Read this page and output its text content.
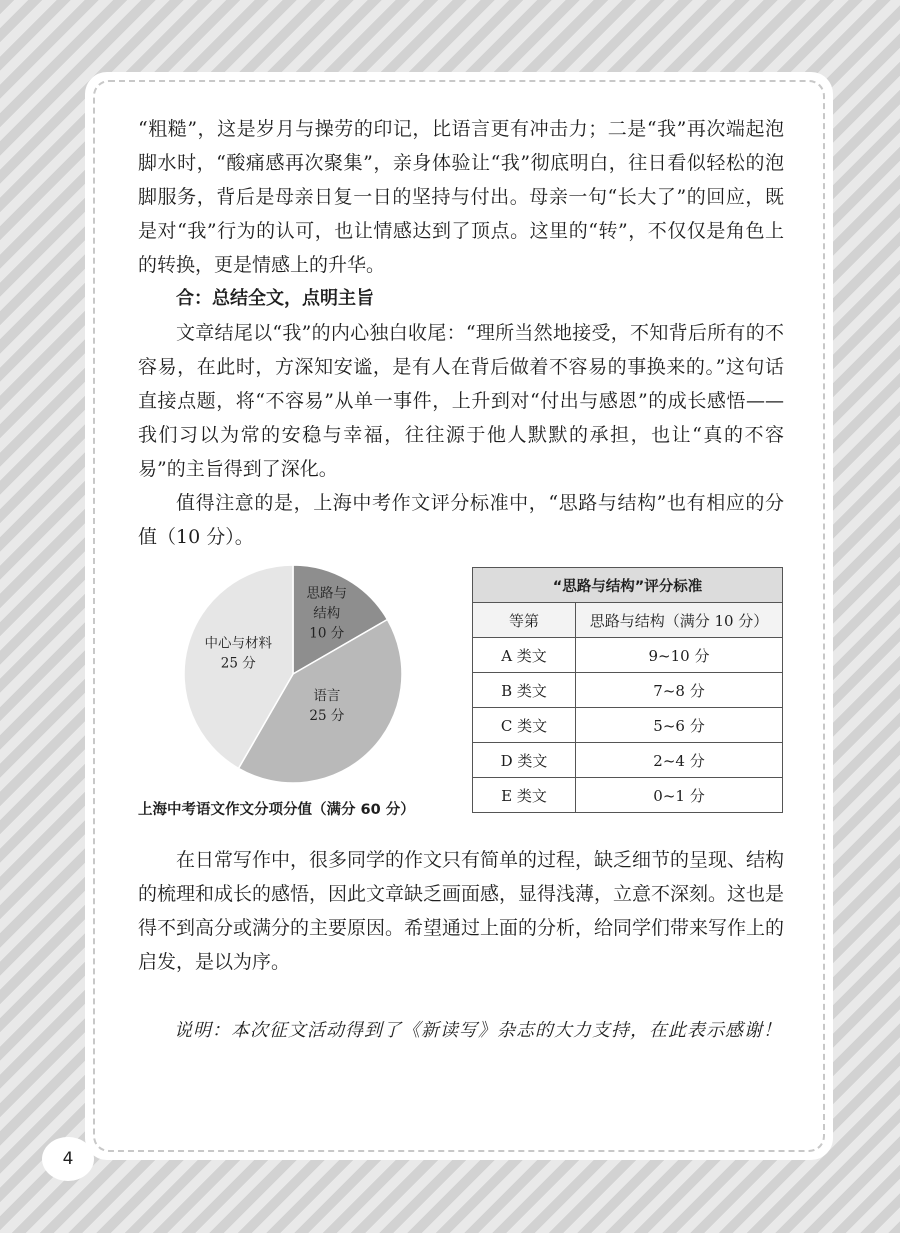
“粗糙”，这是岁月与操劳的印记，比语言更有冲击力；二是“我”再次端起泡脚水时，“酸痛感再次聚集”，亲身体验让“我”彻底明白，往日看似轻松的泡脚服务，背后是母亲日复一日的坚持与付出。母亲一句“长大了”的回应，既是对“我”行为的认可，也让情感达到了顶点。这里的“转”，不仅仅是角色上的转换，更是情感上的升华。

合：总结全文，点明主旨

文章结尾以“我”的内心独白收尾：“理所当然地接受，不知背后所有的不容易，在此时，方深知安谧，是有人在背后做着不容易的事换来的。”这句话直接点题，将“不容易”从单一事件，上升到对“付出与感恩”的成长感悟——我们习以为常的安稳与幸福，往往源于他人默默的承担，也让“真的不容易”的主旨得到了深化。

值得注意的是，上海中考作文评分标准中，“思路与结构”也有相应的分值（10 分）。

思路与结构 10 分
语言 25 分
中心与材料 25 分
上海中考语文作文分项分值（满分 60 分）
“思路与结构”评分标准	
等第	思路与结构（满分 10 分）
A 类文	9~10 分
B 类文	7~8 分
C 类文	5~6 分
D 类文	2~4 分
E 类文	0~1 分

在日常写作中，很多同学的作文只有简单的过程，缺乏细节的呈现、结构的梳理和成长的感悟，因此文章缺乏画面感，显得浅薄，立意不深刻。这也是得不到高分或满分的主要原因。希望通过上面的分析，给同学们带来写作上的启发，是以为序。

说明：本次征文活动得到了《新读写》杂志的大力支持，在此表示感谢！
4
